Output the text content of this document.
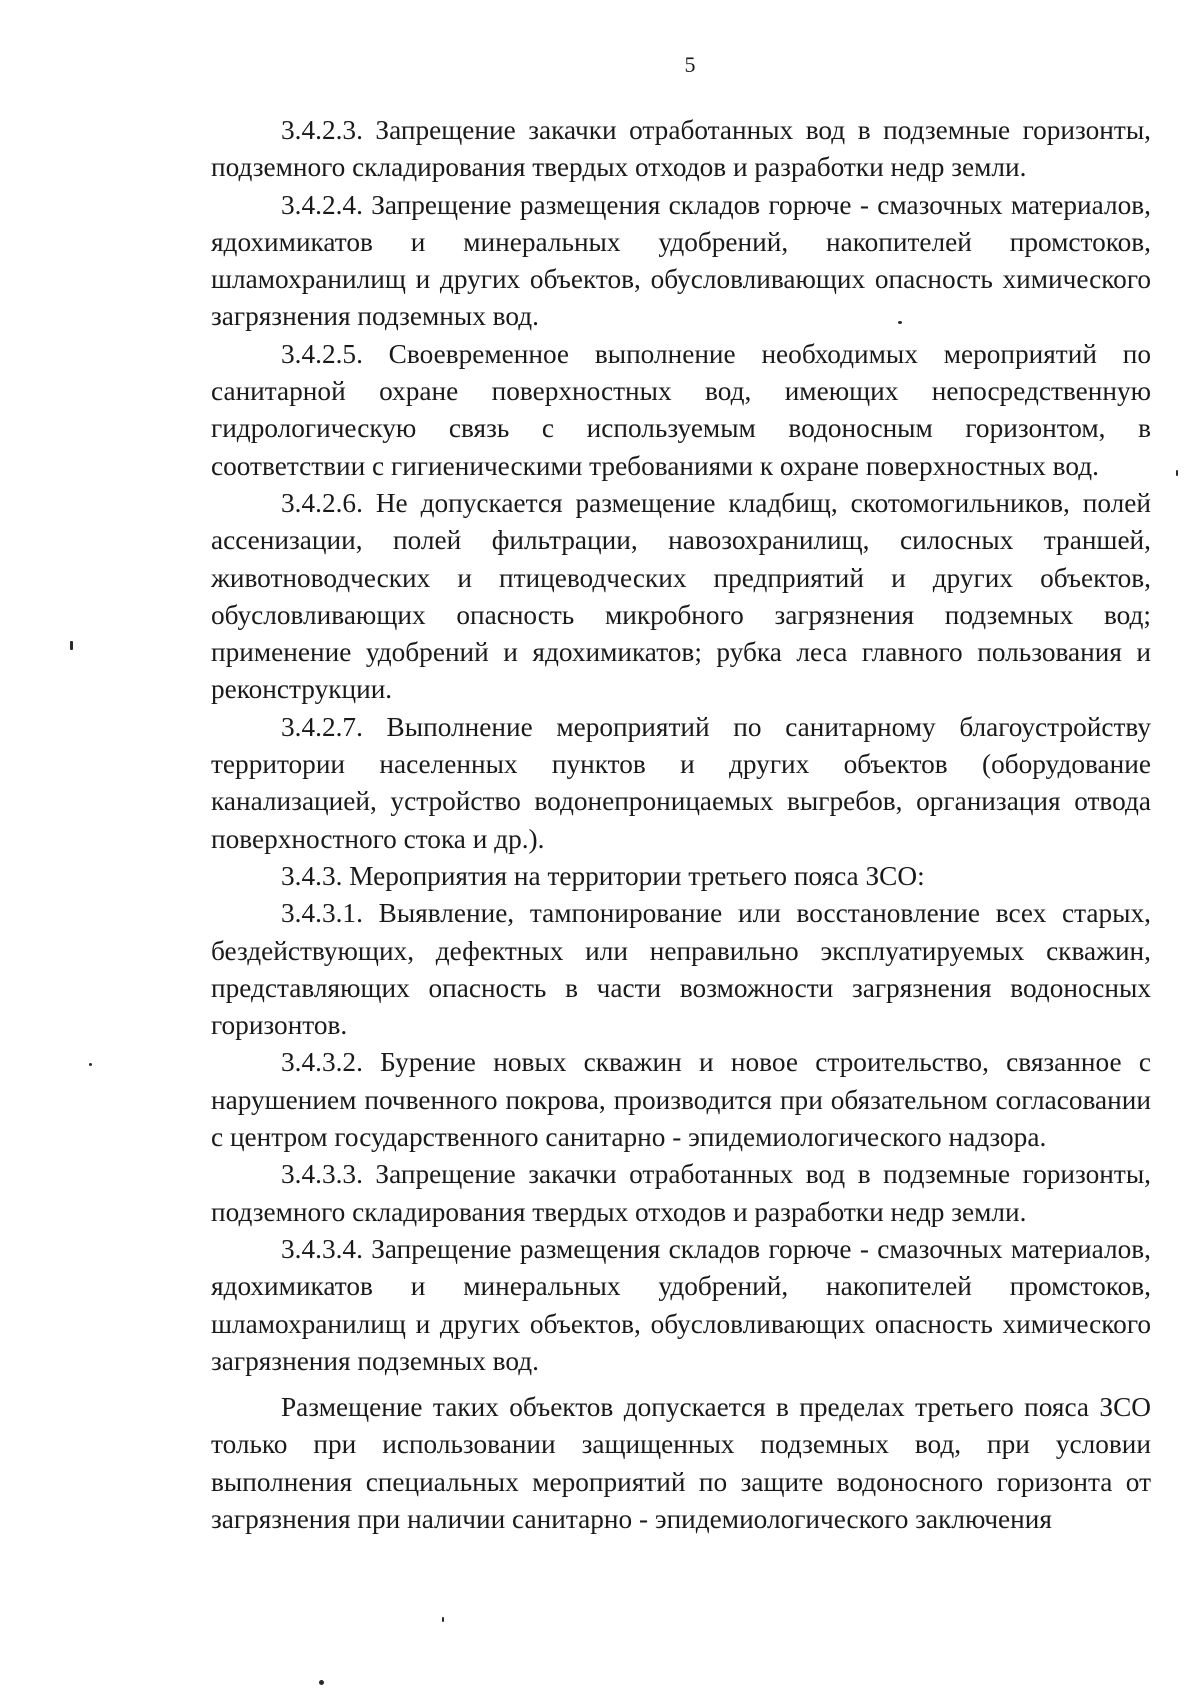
5

3.4.2.3. Запрещение закачки отработанных вод в подземные горизонты, подземного складирования твердых отходов и разработки недр земли.

3.4.2.4. Запрещение размещения складов горюче - смазочных материалов, ядохимикатов и минеральных удобрений, накопителей промстоков, шламохранилищ и других объектов, обусловливающих опасность химического загрязнения подземных вод.

3.4.2.5. Своевременное выполнение необходимых мероприятий по санитарной охране поверхностных вод, имеющих непосредственную гидрологическую связь с используемым водоносным горизонтом, в соответствии с гигиеническими требованиями к охране поверхностных вод.

3.4.2.6. Не допускается размещение кладбищ, скотомогильников, полей ассенизации, полей фильтрации, навозохранилищ, силосных траншей, животноводческих и птицеводческих предприятий и других объектов, обусловливающих опасность микробного загрязнения подземных вод; применение удобрений и ядохимикатов; рубка леса главного пользования и реконструкции.

3.4.2.7. Выполнение мероприятий по санитарному благоустройству территории населенных пунктов и других объектов (оборудование канализацией, устройство водонепроницаемых выгребов, организация отвода поверхностного стока и др.).

3.4.3. Мероприятия на территории третьего пояса ЗСО:

3.4.3.1. Выявление, тампонирование или восстановление всех старых, бездействующих, дефектных или неправильно эксплуатируемых скважин, представляющих опасность в части возможности загрязнения водоносных горизонтов.

3.4.3.2. Бурение новых скважин и новое строительство, связанное с нарушением почвенного покрова, производится при обязательном согласовании с центром государственного санитарно - эпидемиологического надзора.

3.4.3.3. Запрещение закачки отработанных вод в подземные горизонты, подземного складирования твердых отходов и разработки недр земли.

3.4.3.4. Запрещение размещения складов горюче - смазочных материалов, ядохимикатов и минеральных удобрений, накопителей промстоков, шламохранилищ и других объектов, обусловливающих опасность химического загрязнения подземных вод.

Размещение таких объектов допускается в пределах третьего пояса ЗСО только при использовании защищенных подземных вод, при условии выполнения специальных мероприятий по защите водоносного горизонта от загрязнения при наличии санитарно - эпидемиологического заключения
